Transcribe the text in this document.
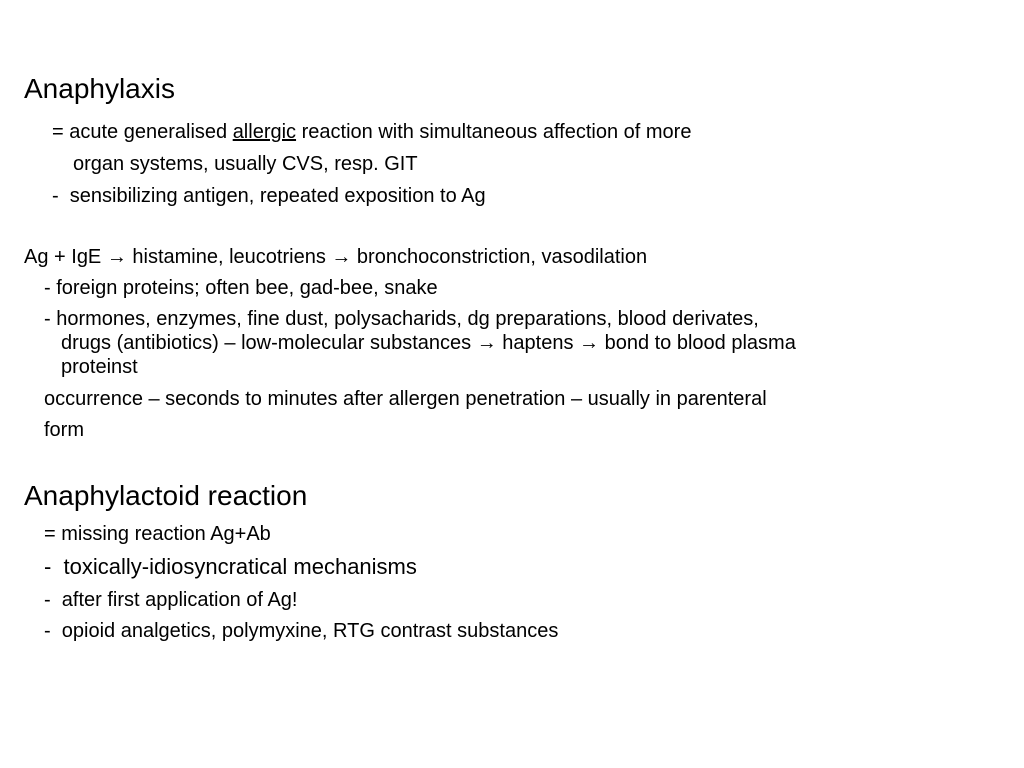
Anaphylaxis
= acute generalised allergic reaction with simultaneous affection of more
organ systems, usually CVS, resp. GIT
-  sensibilizing antigen, repeated exposition to Ag
Ag + IgE → histamine, leucotriens → bronchoconstriction, vasodilation
- foreign proteins; often bee, gad-bee, snake
- hormones, enzymes, fine dust, polysacharids, dg preparations, blood derivates,
drugs (antibiotics) – low-molecular substances → haptens → bond to blood plasma
proteinst
occurrence – seconds to minutes after allergen penetration – usually in parenteral
form
Anaphylactoid reaction
= missing reaction Ag+Ab
-  toxically-idiosyncratical mechanisms
-  after first application of Ag!
-  opioid analgetics, polymyxine, RTG contrast substances
